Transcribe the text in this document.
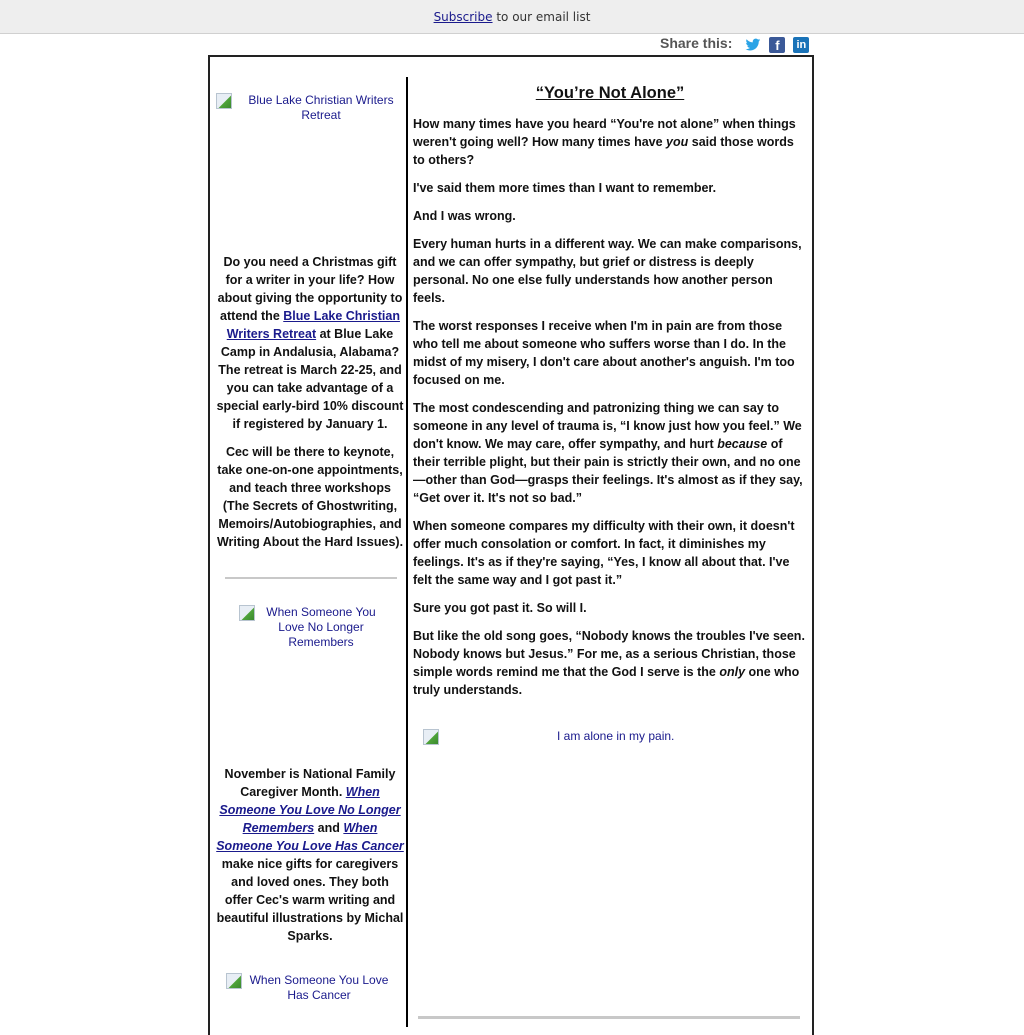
Subscribe to our email list
Share this:	f	in
Blue Lake Christian Writers Retreat

Do you need a Christmas gift for a writer in your life? How about giving the opportunity to attend the Blue Lake Christian Writers Retreat at Blue Lake Camp in Andalusia, Alabama? The retreat is March 22-25, and you can take advantage of a special early-bird 10% discount if registered by January 1.

Cec will be there to keynote, take one-on-one appointments, and teach three workshops (The Secrets of Ghostwriting, Memoirs/Autobiographies, and Writing About the Hard Issues).

When Someone You Love No Longer Remembers

November is National Family Caregiver Month. When Someone You Love No Longer Remembers and When Someone You Love Has Cancer make nice gifts for caregivers and loved ones. They both offer Cec's warm writing and beautiful illustrations by Michal Sparks.

When Someone You Love Has Cancer
“You’re Not Alone”

How many times have you heard “You're not alone” when things weren't going well? How many times have you said those words to others?

I've said them more times than I want to remember.

And I was wrong.

Every human hurts in a different way. We can make comparisons, and we can offer sympathy, but grief or distress is deeply personal. No one else fully understands how another person feels.

The worst responses I receive when I'm in pain are from those who tell me about someone who suffers worse than I do. In the midst of my misery, I don't care about another's anguish. I'm too focused on me.

The most condescending and patronizing thing we can say to someone in any level of trauma is, “I know just how you feel.” We don't know. We may care, offer sympathy, and hurt because of their terrible plight, but their pain is strictly their own, and no one—other than God—grasps their feelings. It's almost as if they say, “Get over it. It's not so bad.”

When someone compares my difficulty with their own, it doesn't offer much consolation or comfort. In fact, it diminishes my feelings. It's as if they're saying, “Yes, I know all about that. I've felt the same way and I got past it.”

Sure you got past it. So will I.

But like the old song goes, “Nobody knows the troubles I've seen. Nobody knows but Jesus.” For me, as a serious Christian, those simple words remind me that the God I serve is the only one who truly understands.

I am alone in my pain.
